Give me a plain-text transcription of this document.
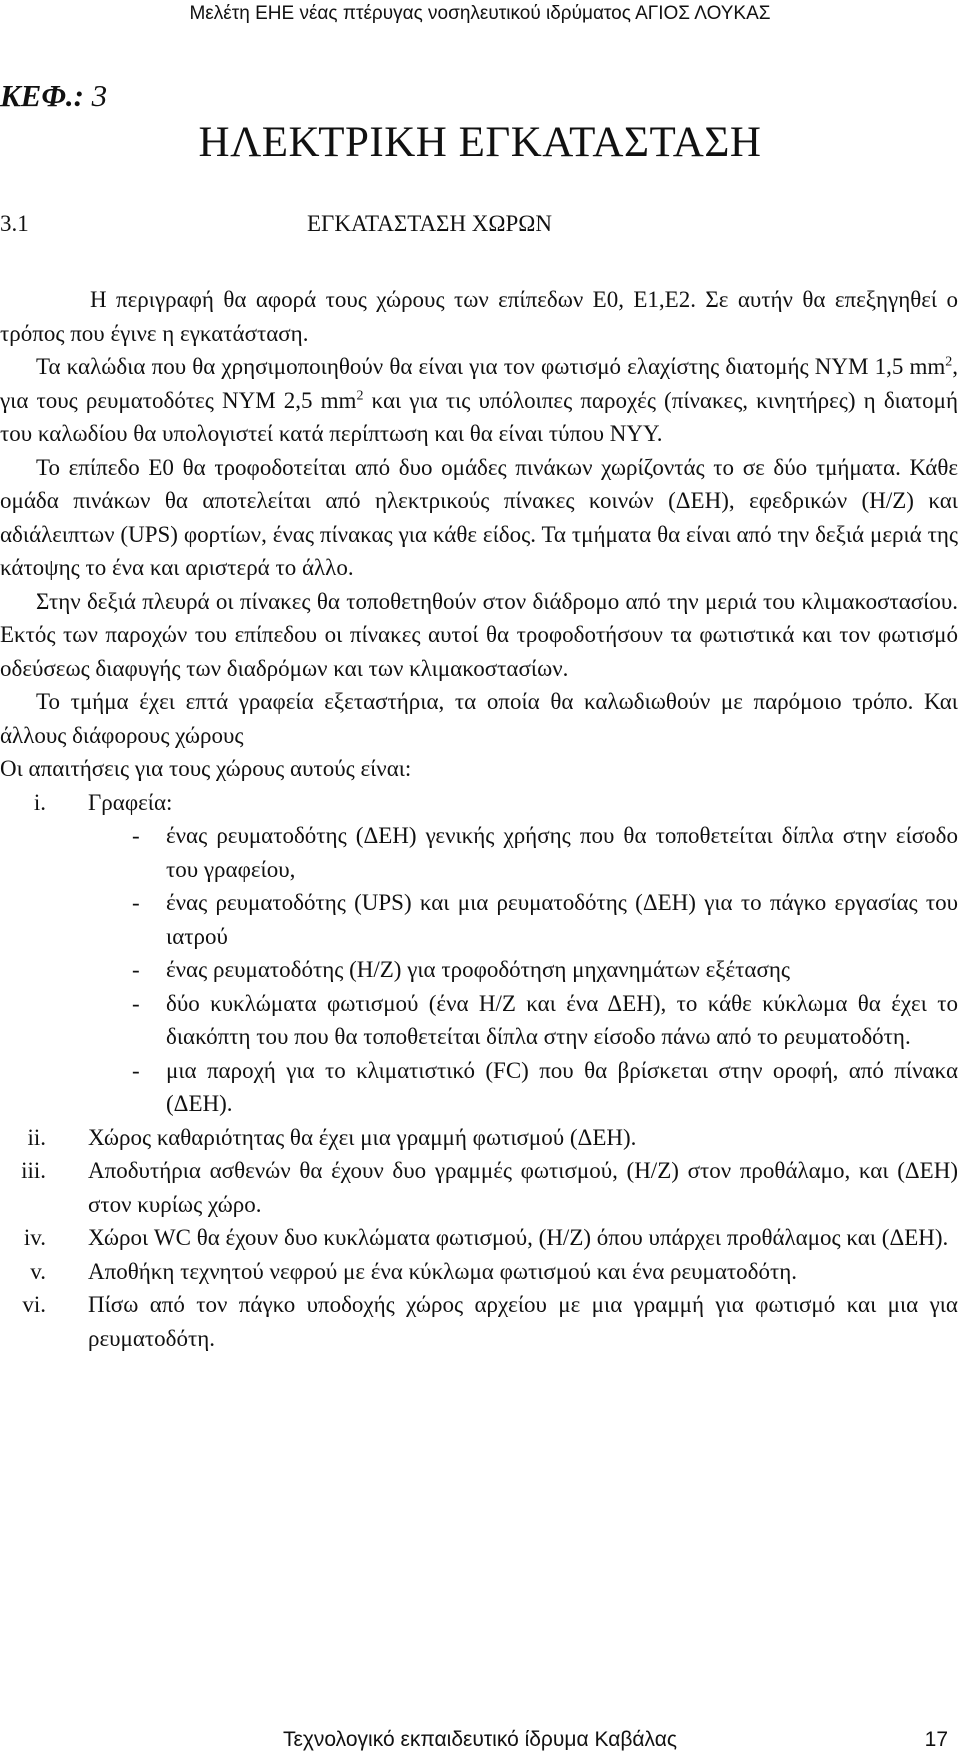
Μελέτη ΕΗΕ νέας πτέρυγας νοσηλευτικού ιδρύματος ΑΓΙΟΣ ΛΟΥΚΑΣ
ΚΕΦ.: 3
ΗΛΕΚΤΡΙΚΗ ΕΓΚΑΤΑΣΤΑΣΗ
3.1	ΕΓΚΑΤΑΣΤΑΣΗ ΧΩΡΩΝ

Η περιγραφή θα αφορά τους χώρους των επίπεδων Ε0, Ε1,Ε2. Σε αυτήν θα επεξηγηθεί ο τρόπος που έγινε η εγκατάσταση.

Τα καλώδια που θα χρησιμοποιηθούν θα είναι για τον φωτισμό ελαχίστης διατομής ΝΥΜ 1,5 $mm^2$, για τους ρευματοδότες ΝΥΜ 2,5 $mm^2$ και για τις υπόλοιπες παροχές (πίνακες, κινητήρες) η διατομή του καλωδίου θα υπολογιστεί κατά περίπτωση και θα είναι τύπου ΝΥΥ.

Το επίπεδο Ε0 θα τροφοδοτείται από δυο ομάδες πινάκων χωρίζοντάς το σε δύο τμήματα. Κάθε ομάδα πινάκων θα αποτελείται από ηλεκτρικούς πίνακες κοινών (ΔΕΗ), εφεδρικών (Η/Ζ) και αδιάλειπτων (UPS) φορτίων, ένας πίνακας για κάθε είδος. Τα τμήματα θα είναι από την δεξιά μεριά της κάτοψης το ένα και αριστερά το άλλο.

Στην δεξιά πλευρά οι πίνακες θα τοποθετηθούν στον διάδρομο από την μεριά του κλιμακοστασίου. Εκτός των παροχών του επίπεδου οι πίνακες αυτοί θα τροφοδοτήσουν τα φωτιστικά και τον φωτισμό οδεύσεως διαφυγής των διαδρόμων και των κλιμακοστασίων.

Το τμήμα έχει επτά γραφεία εξεταστήρια, τα οποία θα καλωδιωθούν με παρόμοιο τρόπο. Και άλλους διάφορους χώρους

Οι απαιτήσεις για τους χώρους αυτούς είναι:

i. Γραφεία:
- ένας ρευματοδότης (ΔΕΗ) γενικής χρήσης που θα τοποθετείται δίπλα στην είσοδο του γραφείου,
- ένας ρευματοδότης (UPS) και μια ρευματοδότης (ΔΕΗ) για το πάγκο εργασίας του ιατρού
- ένας ρευματοδότης (Η/Ζ) για τροφοδότηση μηχανημάτων εξέτασης
- δύο κυκλώματα φωτισμού (ένα Η/Ζ και ένα ΔΕΗ), το κάθε κύκλωμα θα έχει το διακόπτη του που θα τοποθετείται δίπλα στην είσοδο πάνω από το ρευματοδότη.
- μια παροχή για το κλιματιστικό (FC) που θα βρίσκεται στην οροφή, από πίνακα (ΔΕΗ).
ii. Χώρος καθαριότητας θα έχει μια γραμμή φωτισμού (ΔΕΗ).
iii. Αποδυτήρια ασθενών θα έχουν δυο γραμμές φωτισμού, (Η/Ζ) στον προθάλαμο, και (ΔΕΗ) στον κυρίως χώρο.
iv. Χώροι WC θα έχουν δυο κυκλώματα φωτισμού, (Η/Ζ) όπου υπάρχει προθάλαμος και (ΔΕΗ).
v. Αποθήκη τεχνητού νεφρού με ένα κύκλωμα φωτισμού και ένα ρευματοδότη.
vi. Πίσω από τον πάγκο υποδοχής χώρος αρχείου με μια γραμμή για φωτισμό και μια για ρευματοδότη.
Τεχνολογικό εκπαιδευτικό ίδρυμα Καβάλας	17
